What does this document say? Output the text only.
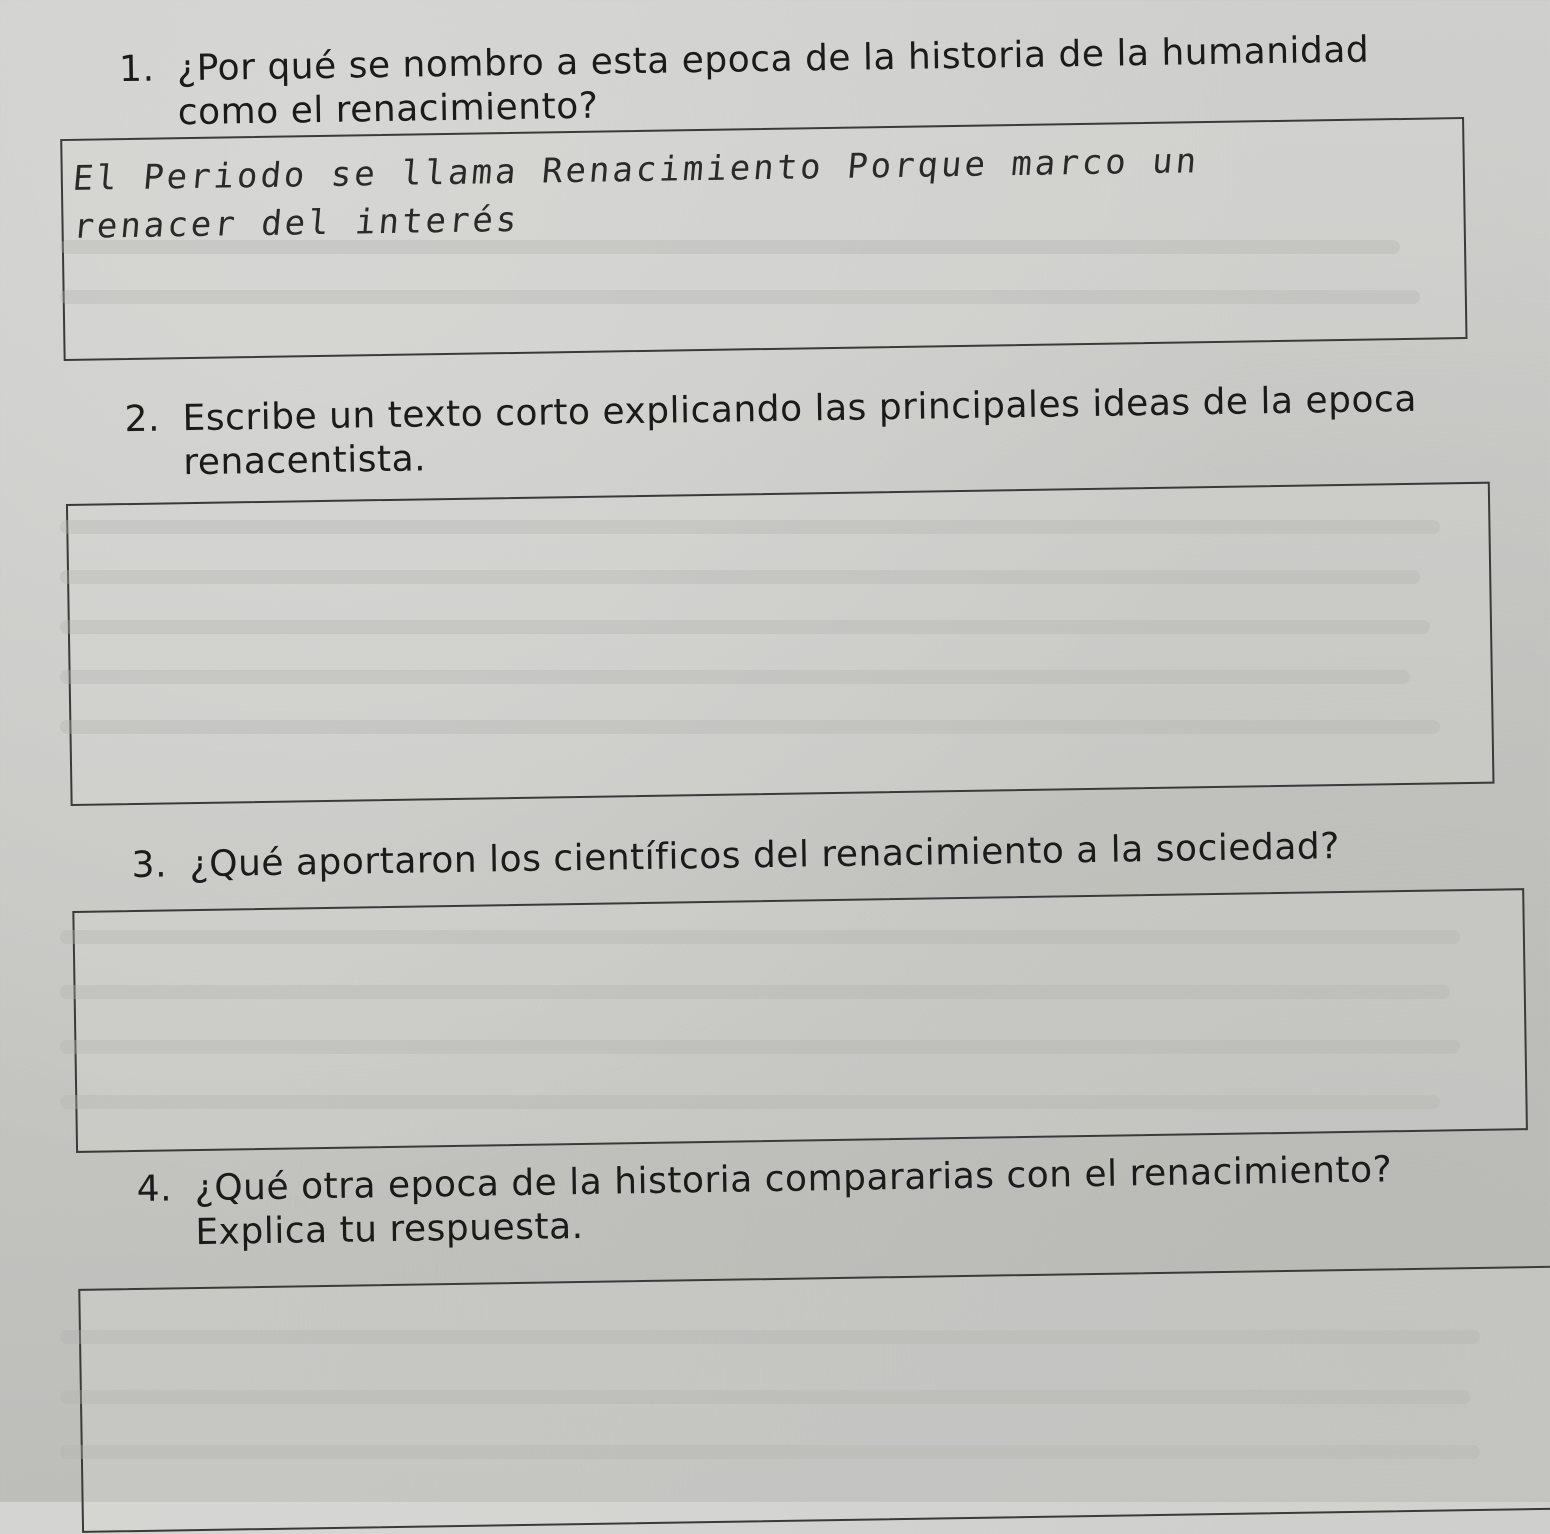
1. ¿Por qué se nombro a esta epoca de la historia de la humanidad
como el renacimiento?
El Periodo se llama Renacimiento Porque marco un
renacer del interés
2. Escribe un texto corto explicando las principales ideas de la epoca
renacentista.
3. ¿Qué aportaron los científicos del renacimiento a la sociedad?
4. ¿Qué otra epoca de la historia compararias con el renacimiento?
Explica tu respuesta.
